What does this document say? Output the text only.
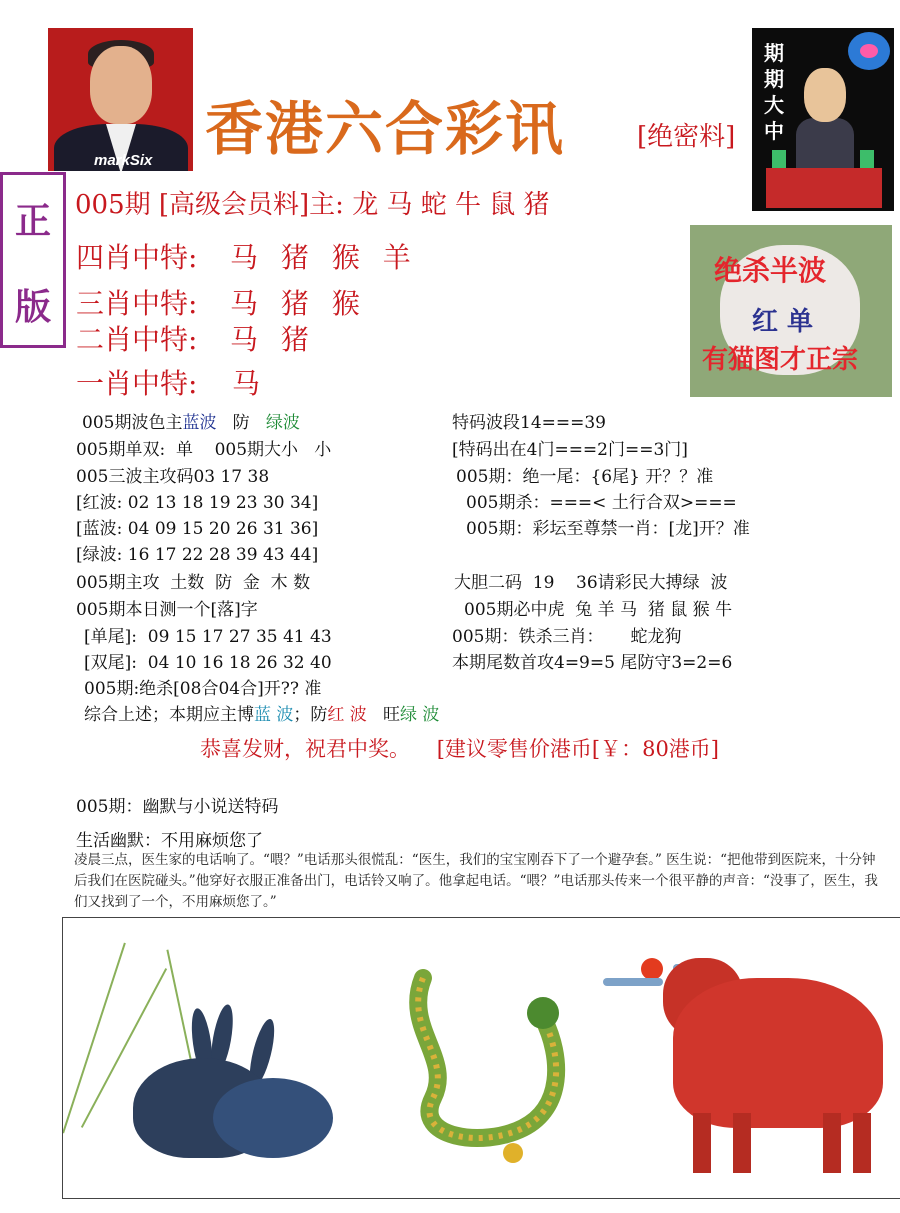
markSix 香港六合彩讯	[绝密料]
期期大中
正
版
005期 [高级会员料]主: 龙 马 蛇 牛 鼠 猪
四肖中特: 马 猪 猴 羊
三肖中特: 马 猪 猴
二肖中特: 马 猪
一肖中特: 马
绝杀半波
红 单
有猫图才正宗
005期波色主蓝波 防 绿波
005期单双:  单    005期大小   小
005三波主攻码03 17 38
[红波: 02 13 18 19 23 30 34]
[蓝波: 04 09 15 20 26 31 36]
[绿波: 16 17 22 28 39 43 44]
005期主攻  土数  防  金  木 数
005期本日测一个[落]字
[单尾]:  09 15 17 27 35 41 43
[双尾]:  04 10 16 18 26 32 40
005期:绝杀[08合04合]开?? 准
综合上述；本期应主博蓝 波；防红 波 旺绿 波
特码波段14===39
[特码出在4门===2门==3门]
005期：绝一尾：{6尾} 开？？准
005期杀：===< 土行合双>===
005期：彩坛至尊禁一肖：[龙]开？准
大胆二码  19    36请彩民大搏绿  波
005期必中虎  兔 羊 马  猪 鼠 猴 牛
005期：铁杀三肖：     蛇龙狗
本期尾数首攻4=9=5 尾防守3=2=6
恭喜发财，祝君中奖。 [建议零售价港币[￥：80港币]
005期：幽默与小说送特码
生活幽默：不用麻烦您了
凌晨三点，医生家的电话响了。“喂？”电话那头很慌乱：“医生，我们的宝宝刚吞下了一个避孕套。” 医生说：“把他带到医院来，十分钟后我们在医院碰头。”他穿好衣服正准备出门，电话铃又响了。他拿起电话。“喂？”电话那头传来一个很平静的声音：“没事了，医生，我们又找到了一个，不用麻烦您了。”
